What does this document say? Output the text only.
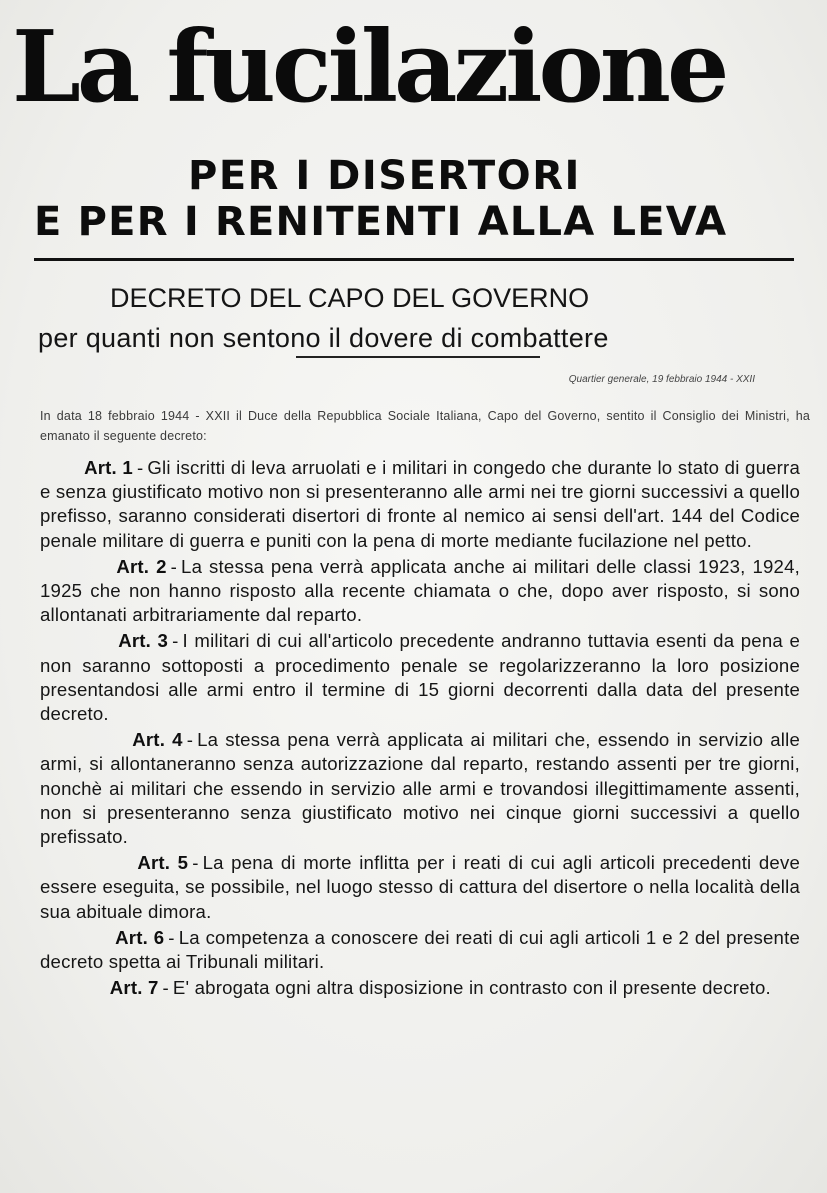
La fucilazione
PER I DISERTORI
E PER I RENITENTI ALLA LEVA
DECRETO DEL CAPO DEL GOVERNO
per quanti non sentono il dovere di combattere
Quartier generale, 19 febbraio 1944 - XXII
In data 18 febbraio 1944 - XXII il Duce della Repubblica Sociale Italiana, Capo del Governo, sentito il Consiglio dei Ministri, ha emanato il seguente decreto:

Art. 1 - Gli iscritti di leva arruolati e i militari in congedo che durante lo stato di guerra e senza giustificato motivo non si presenteranno alle armi nei tre giorni successivi a quello prefisso, saranno considerati disertori di fronte al nemico ai sensi dell'art. 144 del Codice penale militare di guerra e puniti con la pena di morte mediante fucilazione nel petto.

Art. 2 - La stessa pena verrà applicata anche ai militari delle classi 1923, 1924, 1925 che non hanno risposto alla recente chiamata o che, dopo aver risposto, si sono allontanati arbitrariamente dal reparto.

Art. 3 - I militari di cui all'articolo precedente andranno tuttavia esenti da pena e non saranno sottoposti a procedimento penale se regolarizzeranno la loro posizione presentandosi alle armi entro il termine di 15 giorni decorrenti dalla data del presente decreto.

Art. 4 - La stessa pena verrà applicata ai militari che, essendo in servizio alle armi, si allontaneranno senza autorizzazione dal reparto, restando assenti per tre giorni, nonchè ai militari che essendo in servizio alle armi e trovandosi illegittimamente assenti, non si presenteranno senza giustificato motivo nei cinque giorni successivi a quello prefissato.

Art. 5 - La pena di morte inflitta per i reati di cui agli articoli precedenti deve essere eseguita, se possibile, nel luogo stesso di cattura del disertore o nella località della sua abituale dimora.

Art. 6 - La competenza a conoscere dei reati di cui agli articoli 1 e 2 del presente decreto spetta ai Tribunali militari.

Art. 7 - E' abrogata ogni altra disposizione in contrasto con il presente decreto.
